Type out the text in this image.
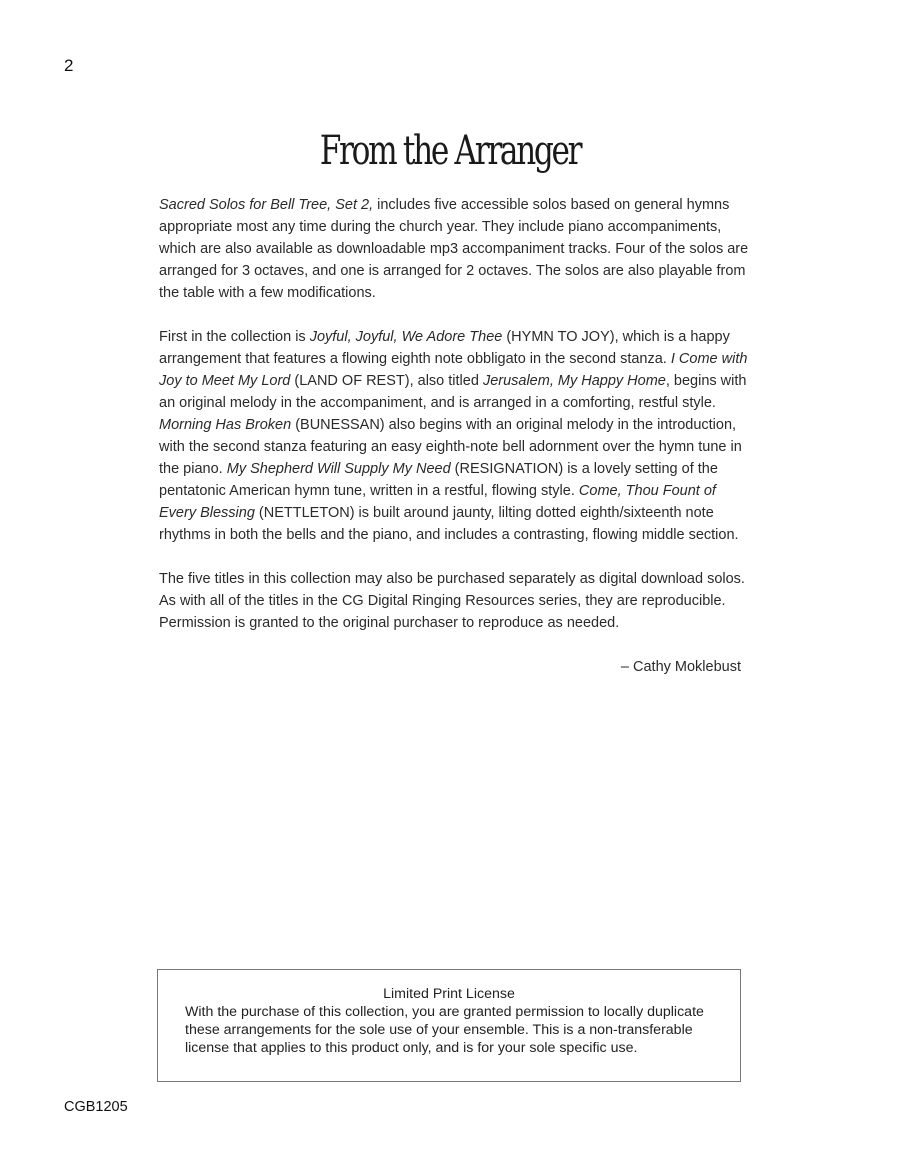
2
From the Arranger

Sacred Solos for Bell Tree, Set 2, includes five accessible solos based on general hymns appropriate most any time during the church year. They include piano accompaniments, which are also available as downloadable mp3 accompaniment tracks. Four of the solos are arranged for 3 octaves, and one is arranged for 2 octaves. The solos are also playable from the table with a few modifications.

First in the collection is Joyful, Joyful, We Adore Thee (HYMN TO JOY), which is a happy arrangement that features a flowing eighth note obbligato in the second stanza. I Come with Joy to Meet My Lord (LAND OF REST), also titled Jerusalem, My Happy Home, begins with an original melody in the accompaniment, and is arranged in a comforting, restful style. Morning Has Broken (BUNESSAN) also begins with an original melody in the introduction, with the second stanza featuring an easy eighth-note bell adornment over the hymn tune in the piano. My Shepherd Will Supply My Need (RESIGNATION) is a lovely setting of the pentatonic American hymn tune, written in a restful, flowing style. Come, Thou Fount of Every Blessing (NETTLETON) is built around jaunty, lilting dotted eighth/sixteenth note rhythms in both the bells and the piano, and includes a contrasting, flowing middle section.

The five titles in this collection may also be purchased separately as digital download solos. As with all of the titles in the CG Digital Ringing Resources series, they are reproducible. Permission is granted to the original purchaser to reproduce as needed.

– Cathy Moklebust

Limited Print License

With the purchase of this collection, you are granted permission to locally duplicate these arrangements for the sole use of your ensemble. This is a non-transferable license that applies to this product only, and is for your sole specific use.

CGB1205
